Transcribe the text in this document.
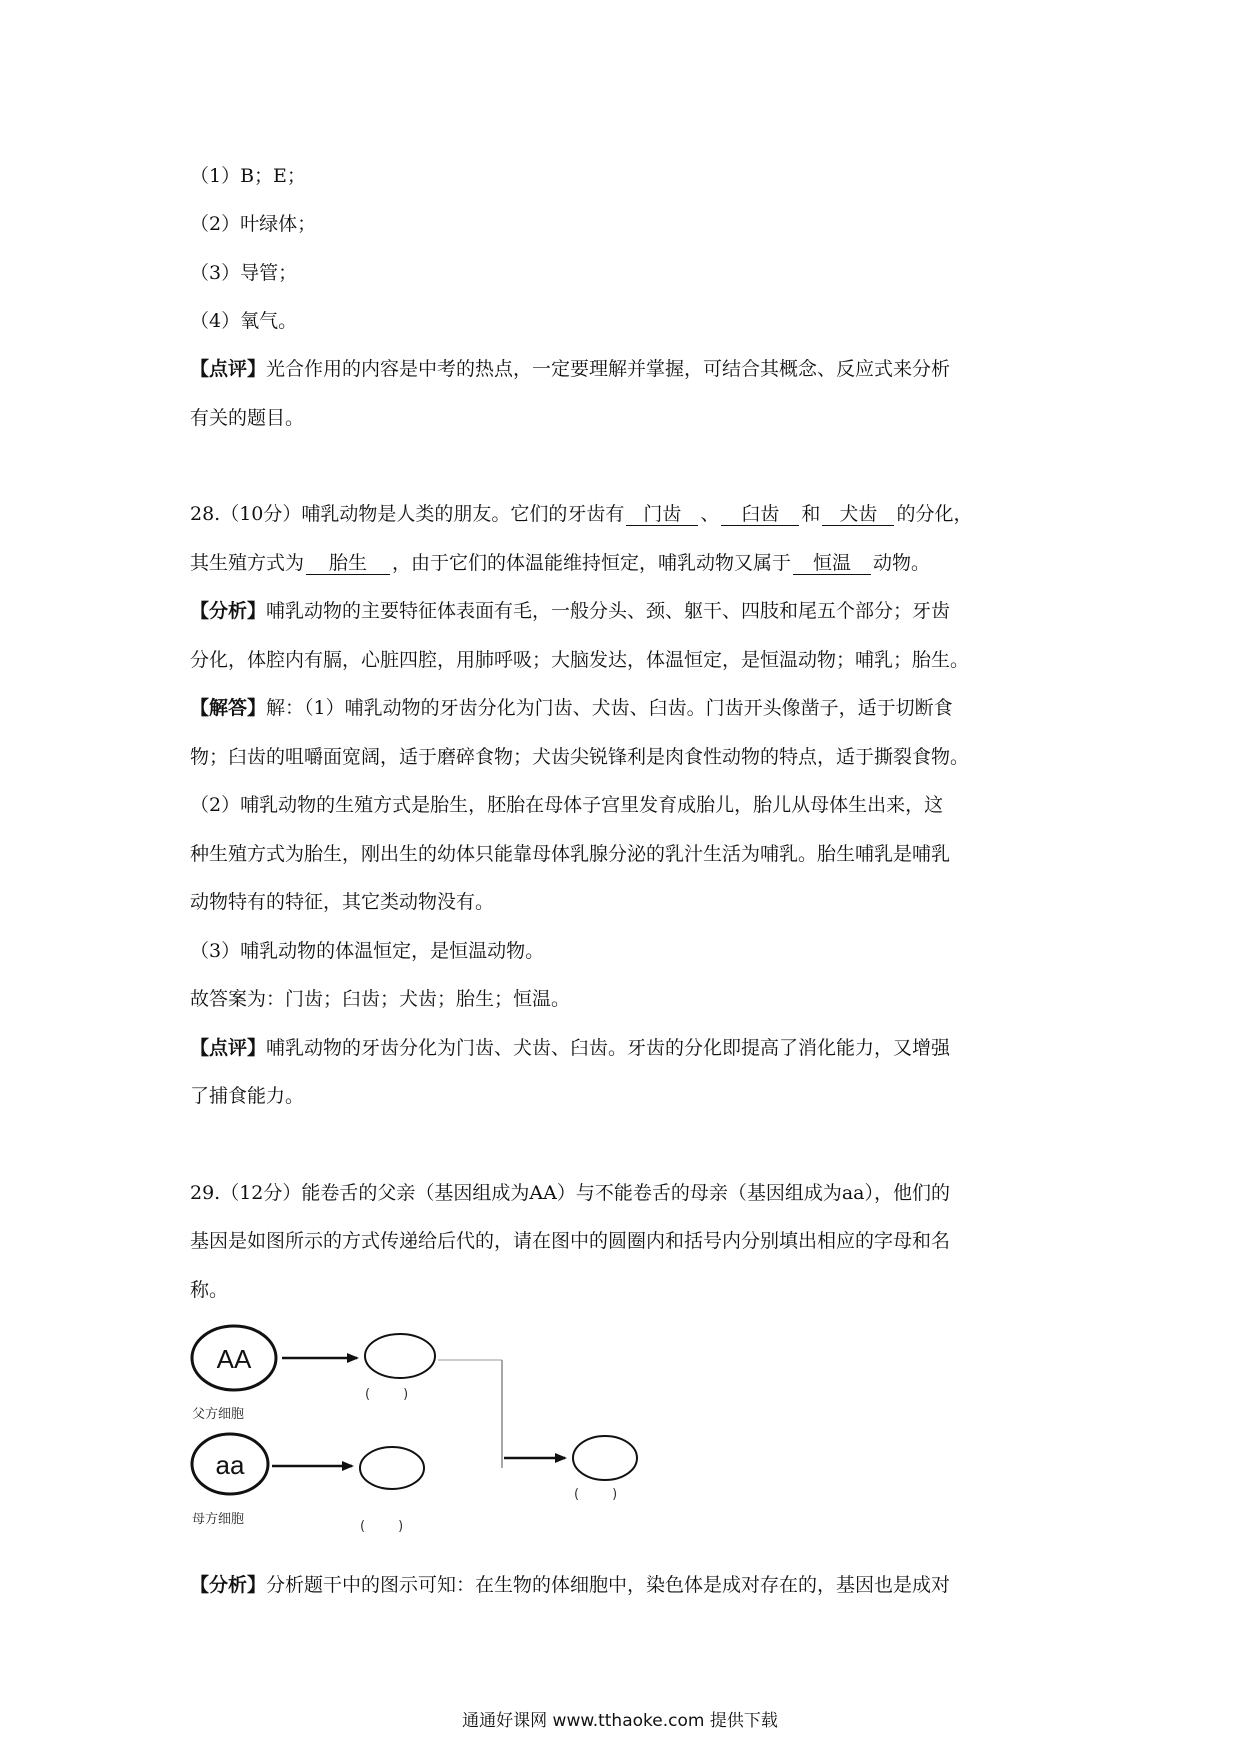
（1）B；E；
（2）叶绿体；
（3）导管；
（4）氧气。
【点评】光合作用的内容是中考的热点，一定要理解并掌握，可结合其概念、反应式来分析
有关的题目。
28.（10分）哺乳动物是人类的朋友。它们的牙齿有 门齿 、 臼齿 和 犬齿 的分化，
其生殖方式为 胎生 ，由于它们的体温能维持恒定，哺乳动物又属于 恒温 动物。
【分析】哺乳动物的主要特征体表面有毛，一般分头、颈、躯干、四肢和尾五个部分；牙齿
分化，体腔内有膈，心脏四腔，用肺呼吸；大脑发达，体温恒定，是恒温动物；哺乳；胎生。
【解答】解：（1）哺乳动物的牙齿分化为门齿、犬齿、臼齿。门齿开头像凿子，适于切断食
物；臼齿的咀嚼面宽阔，适于磨碎食物；犬齿尖锐锋利是肉食性动物的特点，适于撕裂食物。
（2）哺乳动物的生殖方式是胎生，胚胎在母体子宫里发育成胎儿，胎儿从母体生出来，这
种生殖方式为胎生，刚出生的幼体只能靠母体乳腺分泌的乳汁生活为哺乳。胎生哺乳是哺乳
动物特有的特征，其它类动物没有。
（3）哺乳动物的体温恒定，是恒温动物。
故答案为：门齿；臼齿；犬齿；胎生；恒温。
【点评】哺乳动物的牙齿分化为门齿、犬齿、臼齿。牙齿的分化即提高了消化能力，又增强
了捕食能力。
29.（12分）能卷舌的父亲（基因组成为AA）与不能卷舌的母亲（基因组成为aa），他们的
基因是如图所示的方式传递给后代的，请在图中的圆圈内和括号内分别填出相应的字母和名
称。
AA
父方细胞
(        )
(        )
aa
母方细胞	(        )
【分析】分析题干中的图示可知：在生物的体细胞中，染色体是成对存在的，基因也是成对
通通好课网 www.tthaoke.com 提供下载
